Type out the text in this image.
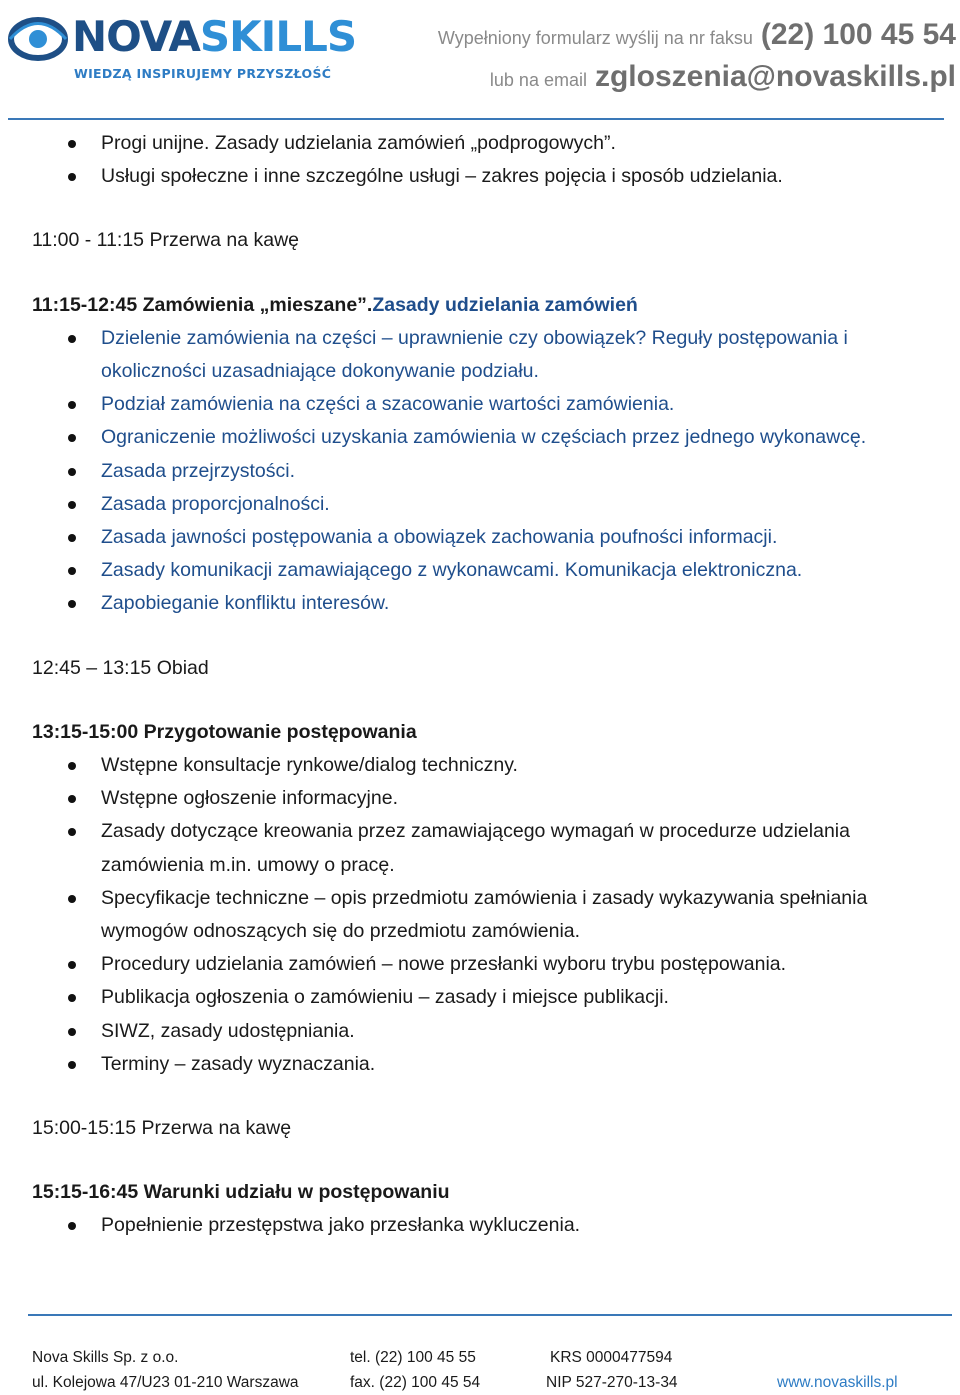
NOVASKILLS
WIEDZĄ INSPIRUJEMY PRZYSZŁOŚĆ
Wypełniony formularz wyślij na nr faksu (22) 100 45 54
lub na email zgloszenia@novaskills.pl
Progi unijne. Zasady udzielania zamówień „podprogowych”.
Usługi społeczne i inne szczególne usługi – zakres pojęcia i sposób udzielania.
11:00 - 11:15 Przerwa na kawę
11:15-12:45 Zamówienia „mieszane”.Zasady udzielania zamówień
Dzielenie zamówienia na części – uprawnienie czy obowiązek? Reguły postępowania i
okoliczności uzasadniające dokonywanie podziału.
Podział zamówienia na części a szacowanie wartości zamówienia.
Ograniczenie możliwości uzyskania zamówienia w częściach przez jednego wykonawcę.
Zasada przejrzystości.
Zasada proporcjonalności.
Zasada jawności postępowania a obowiązek zachowania poufności informacji.
Zasady komunikacji zamawiającego z wykonawcami. Komunikacja elektroniczna.
Zapobieganie konfliktu interesów.
12:45 – 13:15 Obiad
13:15-15:00 Przygotowanie postępowania
Wstępne konsultacje rynkowe/dialog techniczny.
Wstępne ogłoszenie informacyjne.
Zasady dotyczące kreowania przez zamawiającego wymagań w procedurze udzielania
zamówienia m.in. umowy o pracę.
Specyfikacje techniczne – opis przedmiotu zamówienia i zasady wykazywania spełniania
wymogów odnoszących się do przedmiotu zamówienia.
Procedury udzielania zamówień – nowe przesłanki wyboru trybu postępowania.
Publikacja ogłoszenia o zamówieniu – zasady i miejsce publikacji.
SIWZ, zasady udostępniania.
Terminy – zasady wyznaczania.
15:00-15:15 Przerwa na kawę
15:15-16:45 Warunki udziału w postępowaniu
Popełnienie przestępstwa jako przesłanka wykluczenia.
Nova Skills Sp. z o.o.
ul. Kolejowa 47/U23 01-210 Warszawa
tel. (22) 100 45 55
fax. (22) 100 45 54
KRS 0000477594
NIP 527-270-13-34	www.novaskills.pl
